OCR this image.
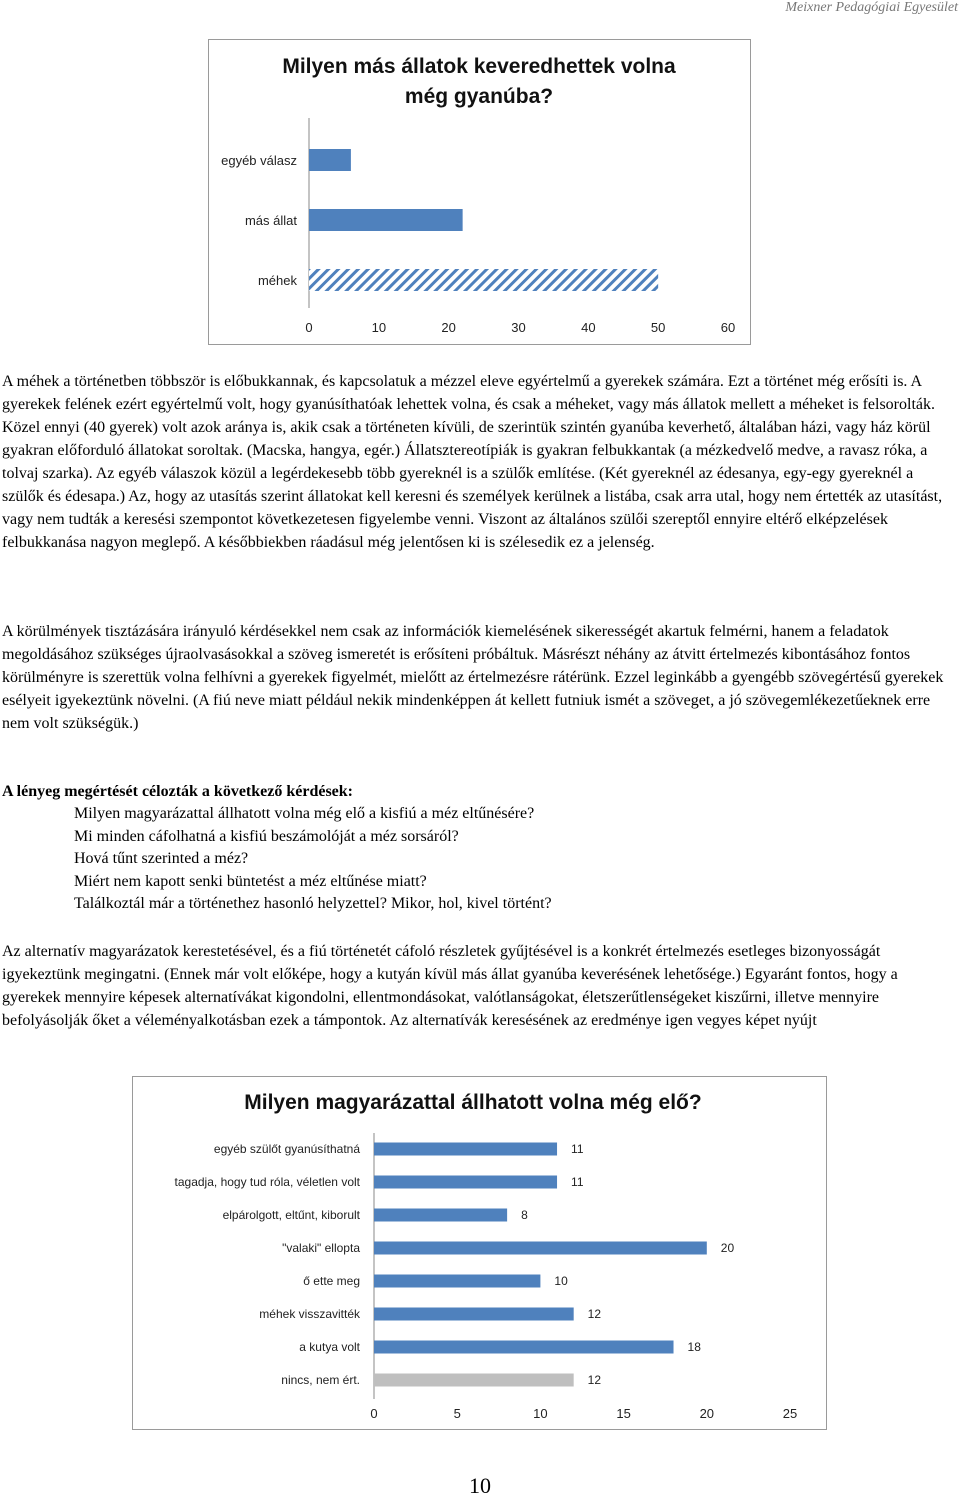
Meixner Pedagógiai Egyesület
Milyen más állatok keveredhettek volna még gyanúba?
egyéb válasz
más állat
méhek
0	10	20	30	40	50	60

A méhek a történetben többször is előbukkannak, és kapcsolatuk a mézzel eleve egyértelmű a gyerekek számára. Ezt a történet még erősíti is. A gyerekek felének ezért egyértelmű volt, hogy gyanúsíthatóak lehettek volna, és csak a méheket, vagy más állatok mellett a méheket is felsorolták. Közel ennyi (40 gyerek) volt azok aránya is, akik csak a történeten kívüli, de szerintük szintén gyanúba keverhető, általában házi, vagy ház körül gyakran előforduló állatokat soroltak. (Macska, hangya, egér.) Állatsztereotípiák is gyakran felbukkantak (a mézkedvelő medve, a ravasz róka, a tolvaj szarka). Az egyéb válaszok közül a legérdekesebb több gyereknél is a szülők említése. (Két gyereknél az édesanya, egy-egy gyereknél a szülők és édesapa.) Az, hogy az utasítás szerint állatokat kell keresni és személyek kerülnek a listába, csak arra utal, hogy nem értették az utasítást, vagy nem tudták a keresési szempontot következetesen figyelembe venni. Viszont az általános szülői szereptől ennyire eltérő elképzelések felbukkanása nagyon meglepő. A későbbiekben ráadásul még jelentősen ki is szélesedik ez a jelenség.

A körülmények tisztázására irányuló kérdésekkel nem csak az információk kiemelésének sikerességét akartuk felmérni, hanem a feladatok megoldásához szükséges újraolvasásokkal a szöveg ismeretét is erősíteni próbáltuk. Másrészt néhány az átvitt értelmezés kibontásához fontos körülményre is szerettük volna felhívni a gyerekek figyelmét, mielőtt az értelmezésre rátérünk. Ezzel leginkább a gyengébb szövegértésű gyerekek esélyeit igyekeztünk növelni. (A fiú neve miatt például nekik mindenképpen át kellett futniuk ismét a szöveget, a jó szövegemlékezetűeknek erre nem volt szükségük.)

A lényeg megértését célozták a következő kérdések:
Milyen magyarázattal állhatott volna még elő a kisfiú a méz eltűnésére?
Mi minden cáfolhatná a kisfiú beszámolóját a méz sorsáról?
Hová tűnt szerinted a méz?
Miért nem kapott senki büntetést a méz eltűnése miatt?
Találkoztál már a történethez hasonló helyzettel? Mikor, hol, kivel történt?

Az alternatív magyarázatok kerestetésével, és a fiú történetét cáfoló részletek gyűjtésével is a konkrét értelmezés esetleges bizonyosságát igyekeztünk megingatni. (Ennek már volt előképe, hogy a kutyán kívül más állat gyanúba keverésének lehetősége.) Egyaránt fontos, hogy a gyerekek mennyire képesek alternatívákat kigondolni, ellentmondásokat, valótlanságokat, életszerűtlenségeket kiszűrni, illetve mennyire befolyásolják őket a véleményalkotásban ezek a támpontok. Az alternatívák keresésének az eredménye igen vegyes képet nyújt

Milyen magyarázattal állhatott volna még elő?
egyéb szülőt gyanúsíthatná	11
tagadja, hogy tud róla, véletlen volt	11
elpárolgott, eltűnt, kiborult	8
"valaki" ellopta	20
ő ette meg	10
méhek visszavitték	12
a kutya volt	18
nincs, nem ért.	12
0	5	10	15	20	25
10
